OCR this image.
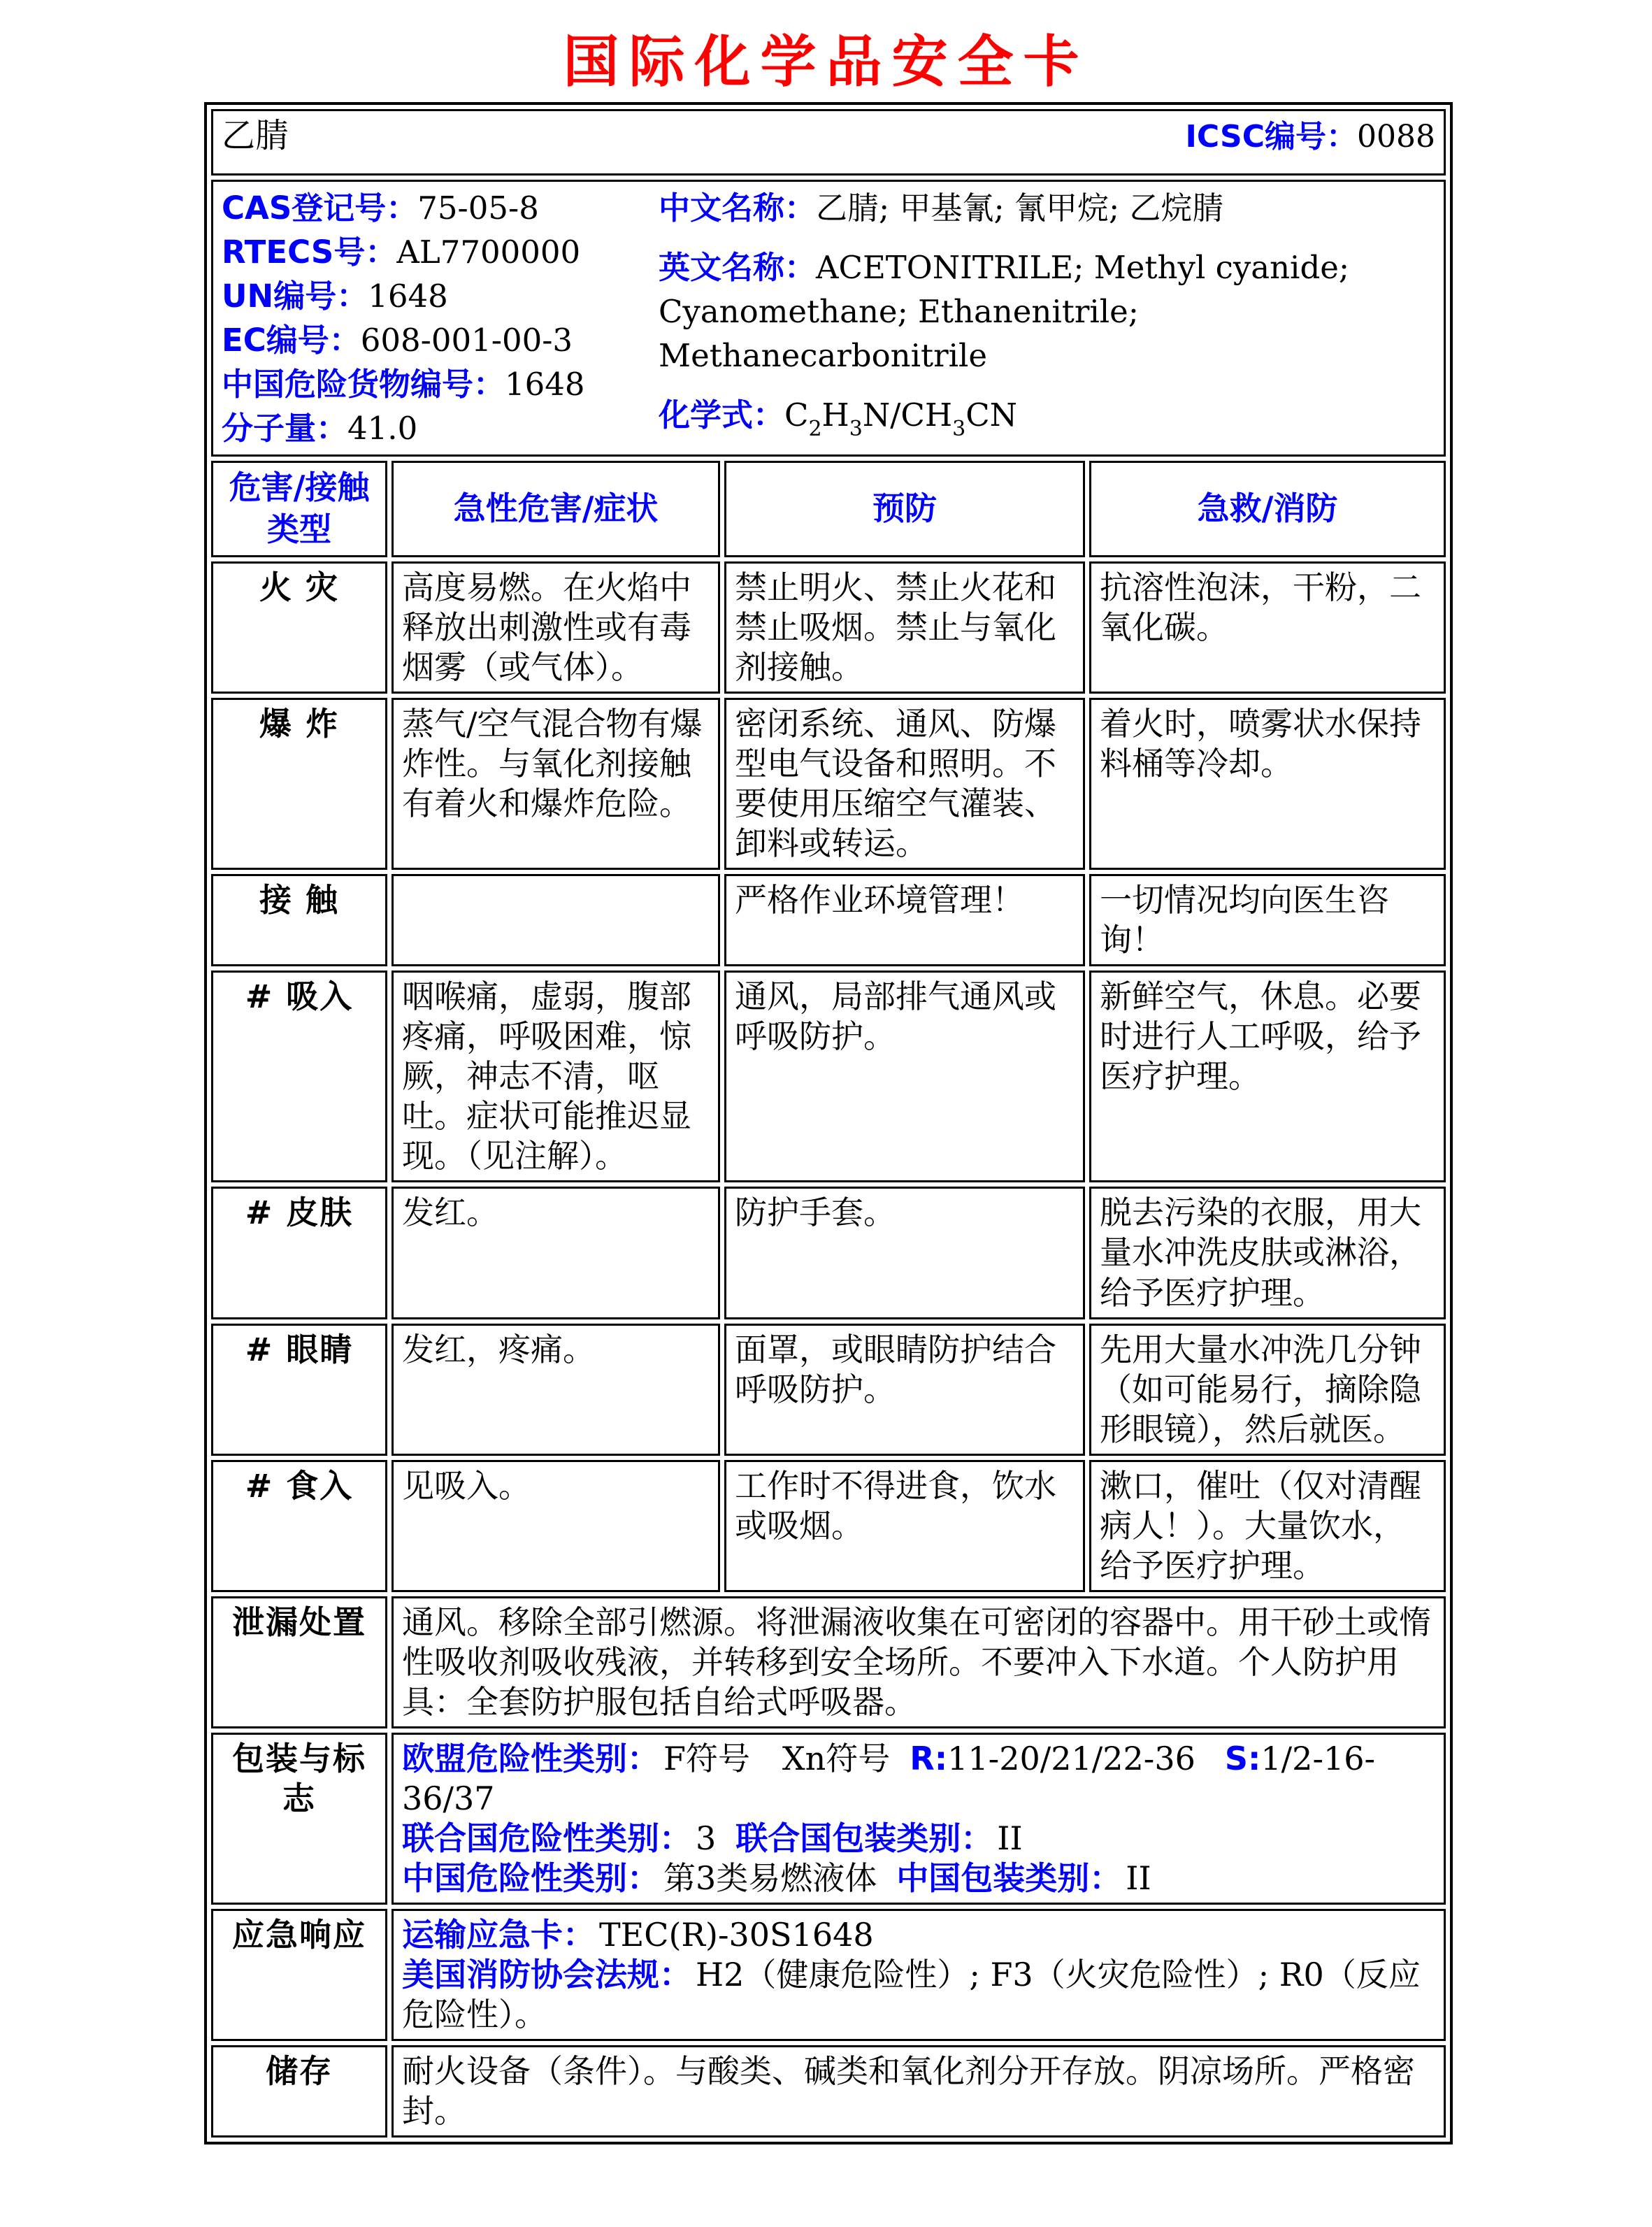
国际化学品安全卡
乙腈 ICSC编号：0088			

CAS登记号：75-05-8
RTECS号：AL7700000
UN编号：1648
EC编号：608-001-00-3
中国危险货物编号：1648
分子量：41.0
中文名称：乙腈; 甲基氰; 氰甲烷; 乙烷腈
英文名称：ACETONITRILE; Methyl cyanide; Cyanomethane; Ethanenitrile; Methanecarbonitrile
化学式：$C_2H_3N/CH_3CN$

危害/接触
类型	急性危害/症状	预防	急救/消防
火 灾	高度易燃。在火焰中释放出刺激性或有毒烟雾（或气体）。	禁止明火、禁止火花和禁止吸烟。禁止与氧化剂接触。	抗溶性泡沫，干粉，二氧化碳。
爆 炸	蒸气/空气混合物有爆炸性。与氧化剂接触有着火和爆炸危险。	密闭系统、通风、防爆型电气设备和照明。不要使用压缩空气灌装、卸料或转运。	着火时，喷雾状水保持料桶等冷却。
接 触		严格作业环境管理！	一切情况均向医生咨询！
# 吸入	咽喉痛，虚弱，腹部疼痛，呼吸困难，惊厥，神志不清，呕吐。症状可能推迟显现。（见注解）。	通风，局部排气通风或呼吸防护。	新鲜空气，休息。必要时进行人工呼吸，给予医疗护理。
# 皮肤	发红。	防护手套。	脱去污染的衣服，用大量水冲洗皮肤或淋浴，给予医疗护理。
# 眼睛	发红，疼痛。	面罩，或眼睛防护结合呼吸防护。	先用大量水冲洗几分钟（如可能易行，摘除隐形眼镜），然后就医。
# 食入	见吸入。	工作时不得进食，饮水或吸烟。	漱口，催吐（仅对清醒病人！）。大量饮水，给予医疗护理。
泄漏处置	通风。移除全部引燃源。将泄漏液收集在可密闭的容器中。用干砂土或惰性吸收剂吸收残液，并转移到安全场所。不要冲入下水道。个人防护用具：全套防护服包括自给式呼吸器。		
包装与标志	欧盟危险性类别： F符号　Xn符号 R:11-20/21/22-36 S:1/2-16-36/37
联合国危险性类别： 3 联合国包装类别： II
中国危险性类别： 第3类易燃液体 中国包装类别： II		

应急响应	运输应急卡： TEC(R)-30S1648
美国消防协会法规： H2（健康危险性）; F3（火灾危险性）; R0（反应危险性）。		

储存	耐火设备（条件）。与酸类、碱类和氧化剂分开存放。阴凉场所。严格密封。		
